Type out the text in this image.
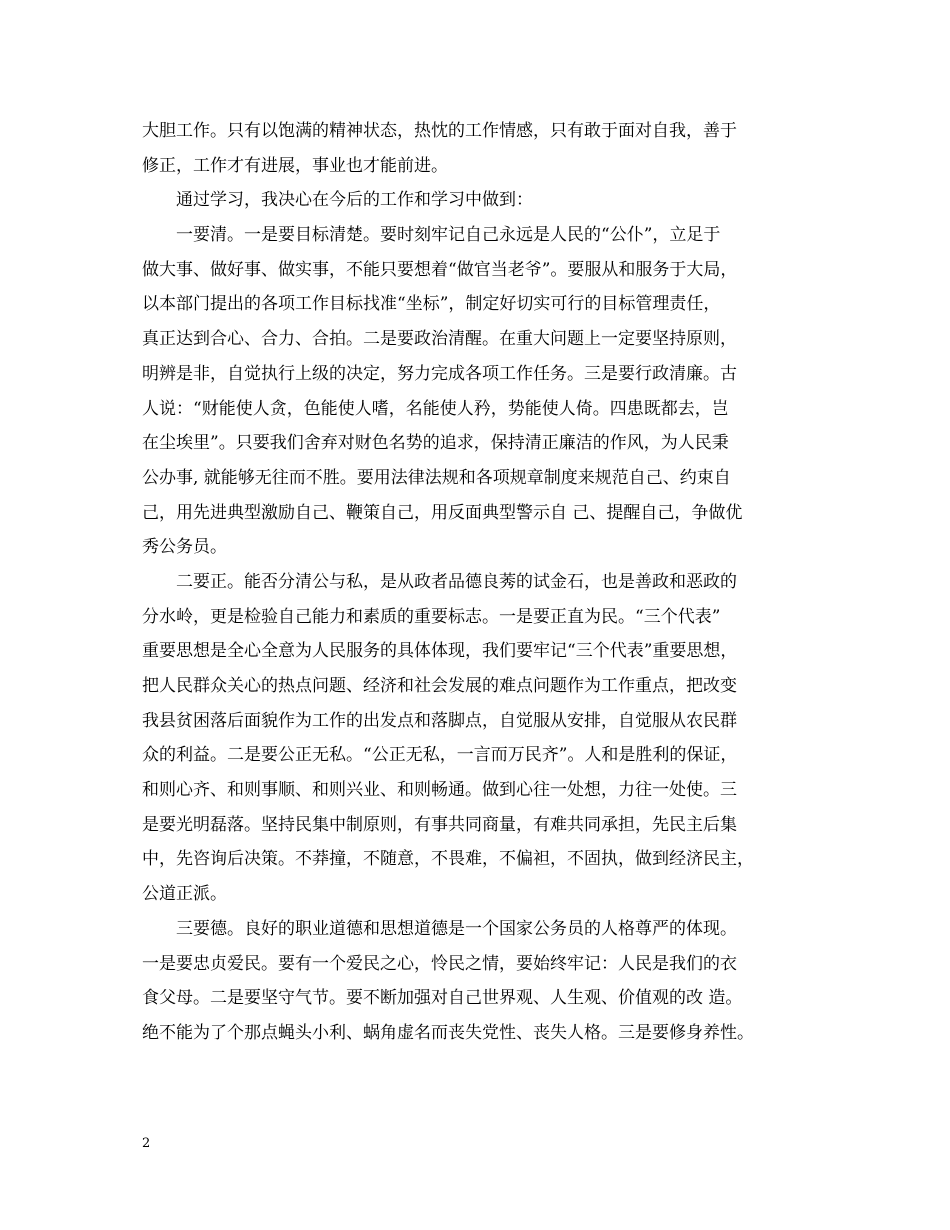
大胆工作。只有以饱满的精神状态，热忱的工作情感，只有敢于面对自我，善于
修正，工作才有进展，事业也才能前进。
通过学习，我决心在今后的工作和学习中做到：
一要清。一是要目标清楚。要时刻牢记自己永远是人民的“公仆”，立足于
做大事、做好事、做实事，不能只要想着“做官当老爷”。要服从和服务于大局，
以本部门提出的各项工作目标找准“坐标”，制定好切实可行的目标管理责任，
真正达到合心、合力、合拍。二是要政治清醒。在重大问题上一定要坚持原则，
明辨是非，自觉执行上级的决定，努力完成各项工作任务。三是要行政清廉。古
人说：“财能使人贪，色能使人嗜，名能使人矜，势能使人倚。四患既都去，岂
在尘埃里”。只要我们舍弃对财色名势的追求，保持清正廉洁的作风，为人民秉
公办事, 就能够无往而不胜。要用法律法规和各项规章制度来规范自己、约束自
己，用先进典型激励自己、鞭策自己，用反面典型警示自 己、提醒自己，争做优
秀公务员。
二要正。能否分清公与私，是从政者品德良莠的试金石，也是善政和恶政的
分水岭，更是检验自己能力和素质的重要标志。一是要正直为民。“三个代表”
重要思想是全心全意为人民服务的具体体现，我们要牢记“三个代表”重要思想，
把人民群众关心的热点问题、经济和社会发展的难点问题作为工作重点，把改变
我县贫困落后面貌作为工作的出发点和落脚点，自觉服从安排，自觉服从农民群
众的利益。二是要公正无私。“公正无私，一言而万民齐”。人和是胜利的保证，
和则心齐、和则事顺、和则兴业、和则畅通。做到心往一处想，力往一处使。三
是要光明磊落。坚持民集中制原则，有事共同商量，有难共同承担，先民主后集
中，先咨询后决策。不莽撞，不随意，不畏难，不偏袒，不固执，做到经济民主，
公道正派。
三要德。良好的职业道德和思想道德是一个国家公务员的人格尊严的体现。
一是要忠贞爱民。要有一个爱民之心，怜民之情，要始终牢记：人民是我们的衣
食父母。二是要坚守气节。要不断加强对自己世界观、人生观、价值观的改 造。
绝不能为了个那点蝇头小利、蜗角虚名而丧失党性、丧失人格。三是要修身养性。
2
